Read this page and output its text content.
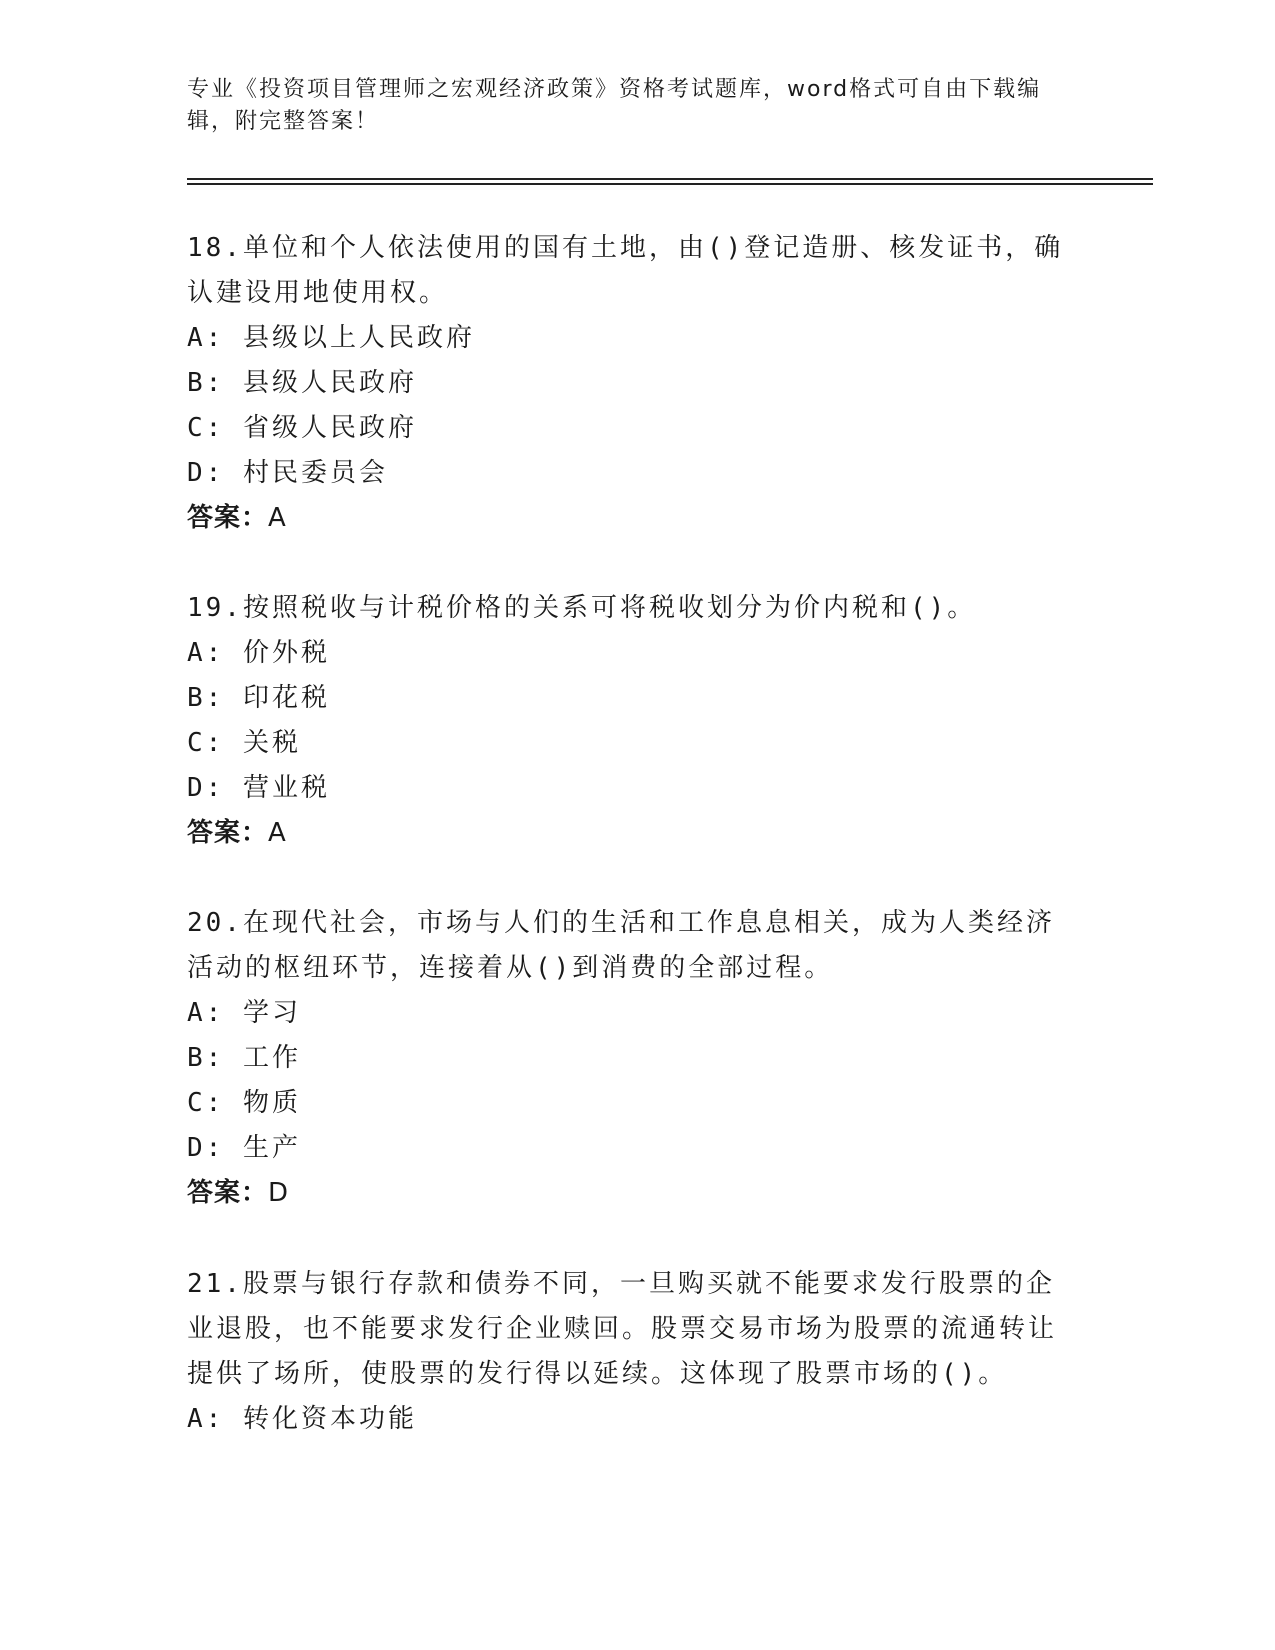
专业《投资项目管理师之宏观经济政策》资格考试题库，word格式可自由下载编辑，附完整答案！
18.单位和个人依法使用的国有土地，由()登记造册、核发证书，确认建设用地使用权。
A: 县级以上人民政府
B: 县级人民政府
C: 省级人民政府
D: 村民委员会
答案：A
19.按照税收与计税价格的关系可将税收划分为价内税和()。
A: 价外税
B: 印花税
C: 关税
D: 营业税
答案：A
20.在现代社会，市场与人们的生活和工作息息相关，成为人类经济活动的枢纽环节，连接着从()到消费的全部过程。
A: 学习
B: 工作
C: 物质
D: 生产
答案：D
21.股票与银行存款和债券不同，一旦购买就不能要求发行股票的企业退股，也不能要求发行企业赎回。股票交易市场为股票的流通转让提供了场所，使股票的发行得以延续。这体现了股票市场的()。
A: 转化资本功能
